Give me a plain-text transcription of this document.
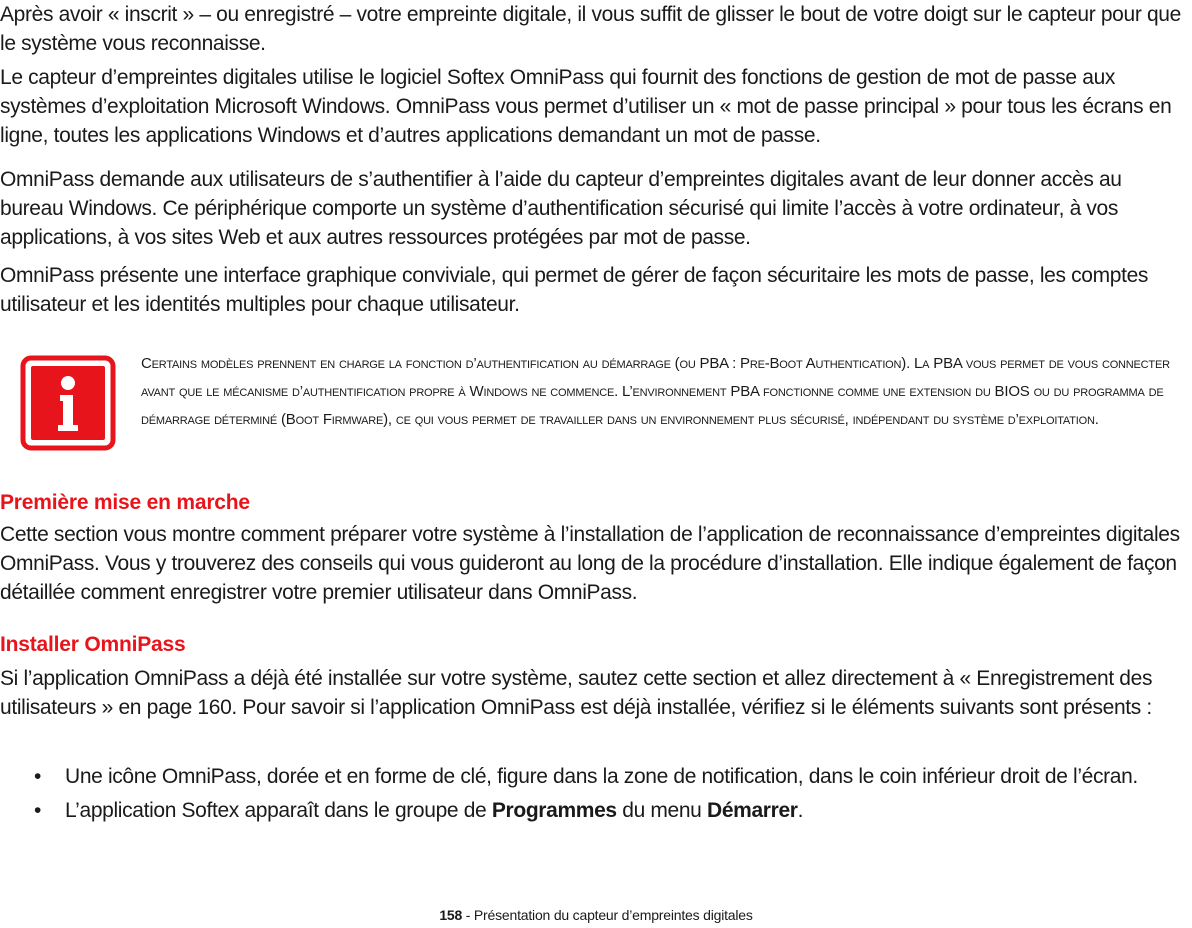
Après avoir « inscrit » – ou enregistré – votre empreinte digitale, il vous suffit de glisser le bout de votre doigt sur le capteur pour que le système vous reconnaisse.

Le capteur d’empreintes digitales utilise le logiciel Softex OmniPass qui fournit des fonctions de gestion de mot de passe aux systèmes d’exploitation Microsoft Windows. OmniPass vous permet d’utiliser un « mot de passe principal » pour tous les écrans en ligne, toutes les applications Windows et d’autres applications demandant un mot de passe.

OmniPass demande aux utilisateurs de s’authentifier à l’aide du capteur d’empreintes digitales avant de leur donner accès au bureau Windows. Ce périphérique comporte un système d’authentification sécurisé qui limite l’accès à votre ordinateur, à vos applications, à vos sites Web et aux autres ressources protégées par mot de passe.

OmniPass présente une interface graphique conviviale, qui permet de gérer de façon sécuritaire les mots de passe, les comptes utilisateur et les identités multiples pour chaque utilisateur.

Certains modèles prennent en charge la fonction d’authentification au démarrage (ou PBA : Pre-Boot Authentication). La PBA vous permet de vous connecter avant que le mécanisme d’authentification propre à Windows ne commence. L’environnement PBA fonctionne comme une extension du BIOS ou du programma de démarrage déterminé (Boot Firmware), ce qui vous permet de travailler dans un environnement plus sécurisé, indépendant du système d’exploitation.

Première mise en marche

Cette section vous montre comment préparer votre système à l’installation de l’application de reconnaissance d’empreintes digitales OmniPass. Vous y trouverez des conseils qui vous guideront au long de la procédure d’installation. Elle indique également de façon détaillée comment enregistrer votre premier utilisateur dans OmniPass.

Installer OmniPass

Si l’application OmniPass a déjà été installée sur votre système, sautez cette section et allez directement à « Enregistrement des utilisateurs » en page 160. Pour savoir si l’application OmniPass est déjà installée, vérifiez si le éléments suivants sont présents :

• Une icône OmniPass, dorée et en forme de clé, figure dans la zone de notification, dans le coin inférieur droit de l’écran.
• L’application Softex apparaît dans le groupe de Programmes du menu Démarrer.
158 - Présentation du capteur d’empreintes digitales
